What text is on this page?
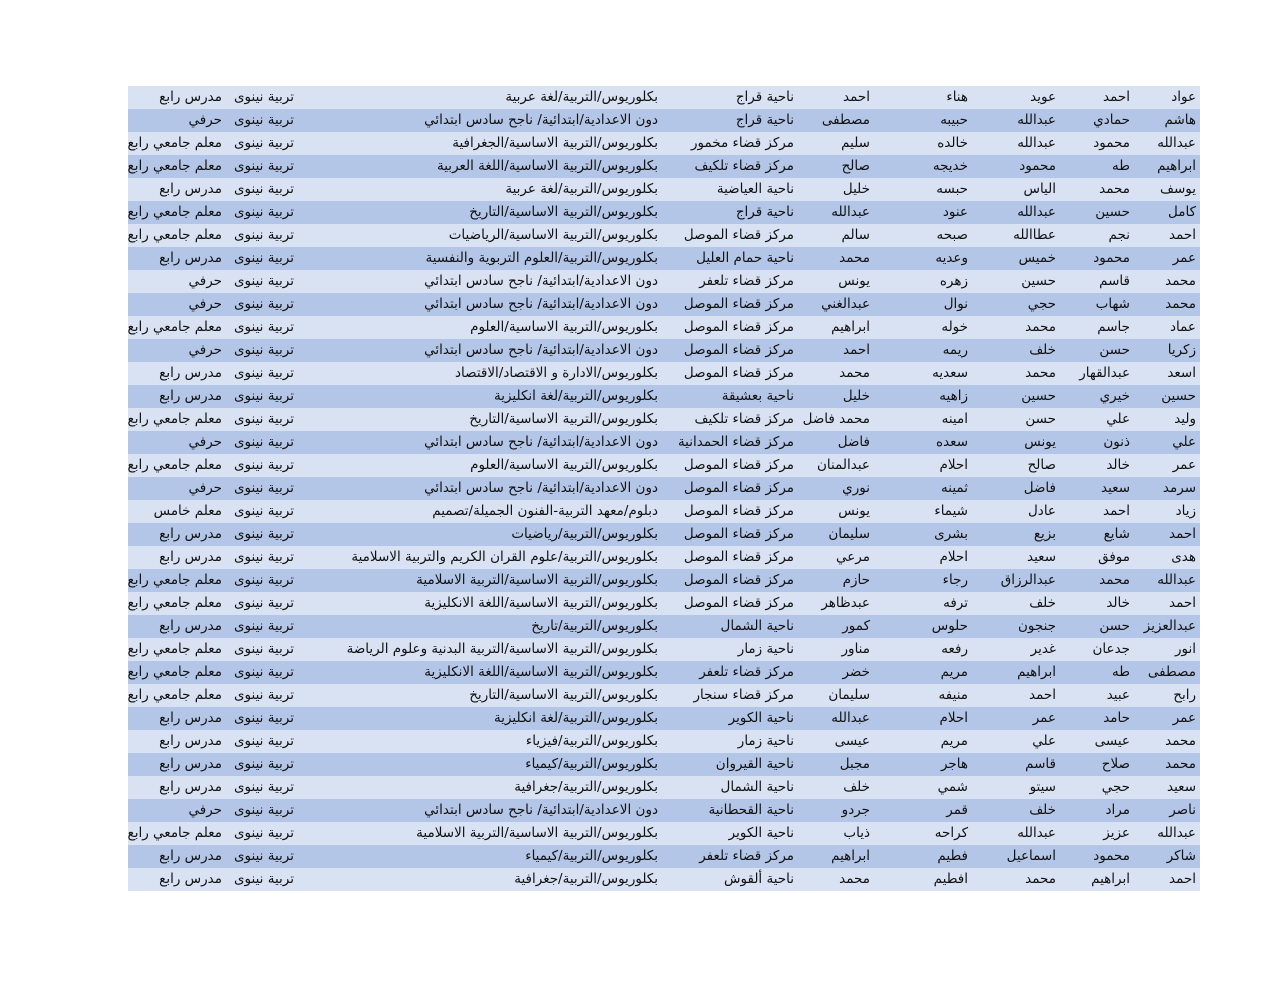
عواد	احمد	عويد	هناء	احمد	ناحية قراج	بكلوريوس/التربية/لغة عربية	تربية نينوى	مدرس رابع
هاشم	حمادي	عبدالله	حبيبه	مصطفى	ناحية قراج	دون الاعدادية/ابتدائية/ ناجح سادس ابتدائي	تربية نينوى	حرفي
عبدالله	محمود	عبدالله	خالده	سليم	مركز قضاء مخمور	بكلوريوس/التربية الاساسية/الجغرافية	تربية نينوى	معلم جامعي رابع
ابراهيم	طه	محمود	خديجه	صالح	مركز قضاء تلكيف	بكلوريوس/التربية الاساسية/اللغة العربية	تربية نينوى	معلم جامعي رابع
يوسف	محمد	الياس	حبسه	خليل	ناحية العياضية	بكلوريوس/التربية/لغة عربية	تربية نينوى	مدرس رابع
كامل	حسين	عبدالله	عنود	عبدالله	ناحية قراج	بكلوريوس/التربية الاساسية/التاريخ	تربية نينوى	معلم جامعي رابع
احمد	نجم	عطاالله	صبحه	سالم	مركز قضاء الموصل	بكلوريوس/التربية الاساسية/الرياضيات	تربية نينوى	معلم جامعي رابع
عمر	محمود	خميس	وعديه	محمد	ناحية حمام العليل	بكلوريوس/التربية/العلوم التربوية والنفسية	تربية نينوى	مدرس رابع
محمد	قاسم	حسين	زهره	يونس	مركز قضاء تلعفر	دون الاعدادية/ابتدائية/ ناجح سادس ابتدائي	تربية نينوى	حرفي
محمد	شهاب	حجي	نوال	عبدالغني	مركز قضاء الموصل	دون الاعدادية/ابتدائية/ ناجح سادس ابتدائي	تربية نينوى	حرفي
عماد	جاسم	محمد	خوله	ابراهيم	مركز قضاء الموصل	بكلوريوس/التربية الاساسية/العلوم	تربية نينوى	معلم جامعي رابع
زكريا	حسن	خلف	ريمه	احمد	مركز قضاء الموصل	دون الاعدادية/ابتدائية/ ناجح سادس ابتدائي	تربية نينوى	حرفي
اسعد	عبدالقهار	محمد	سعديه	محمد	مركز قضاء الموصل	بكلوريوس/الادارة و الاقتصاد/الاقتصاد	تربية نينوى	مدرس رابع
حسين	خيري	حسين	زاهيه	خليل	ناحية بعشيقة	بكلوريوس/التربية/لغة انكليزية	تربية نينوى	مدرس رابع
وليد	علي	حسن	امينه	محمد فاضل	مركز قضاء تلكيف	بكلوريوس/التربية الاساسية/التاريخ	تربية نينوى	معلم جامعي رابع
علي	ذنون	يونس	سعده	فاضل	مركز قضاء الحمدانية	دون الاعدادية/ابتدائية/ ناجح سادس ابتدائي	تربية نينوى	حرفي
عمر	خالد	صالح	احلام	عبدالمنان	مركز قضاء الموصل	بكلوريوس/التربية الاساسية/العلوم	تربية نينوى	معلم جامعي رابع
سرمد	سعيد	فاضل	ثمينه	نوري	مركز قضاء الموصل	دون الاعدادية/ابتدائية/ ناجح سادس ابتدائي	تربية نينوى	حرفي
زياد	احمد	عادل	شيماء	يونس	مركز قضاء الموصل	دبلوم/معهد التربية-الفنون الجميلة/تصميم	تربية نينوى	معلم خامس
احمد	شايع	بزيع	بشرى	سليمان	مركز قضاء الموصل	بكلوريوس/التربية/رياضيات	تربية نينوى	مدرس رابع
هدى	موفق	سعيد	احلام	مرعي	مركز قضاء الموصل	بكلوريوس/التربية/علوم القران الكريم والتربية الاسلامية	تربية نينوى	مدرس رابع
عبدالله	محمد	عبدالرزاق	رجاء	حازم	مركز قضاء الموصل	بكلوريوس/التربية الاساسية/التربية الاسلامية	تربية نينوى	معلم جامعي رابع
احمد	خالد	خلف	ترفه	عبدظاهر	مركز قضاء الموصل	بكلوريوس/التربية الاساسية/اللغة الانكليزية	تربية نينوى	معلم جامعي رابع
عبدالعزيز	حسن	جنجون	حلوس	كمور	ناحية الشمال	بكلوريوس/التربية/تاريخ	تربية نينوى	مدرس رابع
انور	جدعان	غدير	رفعه	مناور	ناحية زمار	بكلوريوس/التربية الاساسية/التربية البدنية وعلوم الرياضة	تربية نينوى	معلم جامعي رابع
مصطفى	طه	ابراهيم	مريم	خضر	مركز قضاء تلعفر	بكلوريوس/التربية الاساسية/اللغة الانكليزية	تربية نينوى	معلم جامعي رابع
رابح	عبيد	احمد	منيفه	سليمان	مركز قضاء سنجار	بكلوريوس/التربية الاساسية/التاريخ	تربية نينوى	معلم جامعي رابع
عمر	حامد	عمر	احلام	عبدالله	ناحية الكوير	بكلوريوس/التربية/لغة انكليزية	تربية نينوى	مدرس رابع
محمد	عيسى	علي	مريم	عيسى	ناحية زمار	بكلوريوس/التربية/فيزياء	تربية نينوى	مدرس رابع
محمد	صلاح	قاسم	هاجر	مجبل	ناحية القيروان	بكلوريوس/التربية/كيمياء	تربية نينوى	مدرس رابع
سعيد	حجي	سيتو	شمي	خلف	ناحية الشمال	بكلوريوس/التربية/جغرافية	تربية نينوى	مدرس رابع
ناصر	مراد	خلف	قمر	جردو	ناحية القحطانية	دون الاعدادية/ابتدائية/ ناجح سادس ابتدائي	تربية نينوى	حرفي
عبدالله	عزيز	عبدالله	كراحه	ذياب	ناحية الكوير	بكلوريوس/التربية الاساسية/التربية الاسلامية	تربية نينوى	معلم جامعي رابع
شاكر	محمود	اسماعيل	فطيم	ابراهيم	مركز قضاء تلعفر	بكلوريوس/التربية/كيمياء	تربية نينوى	مدرس رابع
احمد	ابراهيم	محمد	افطيم	محمد	ناحية ألقوش	بكلوريوس/التربية/جغرافية	تربية نينوى	مدرس رابع
